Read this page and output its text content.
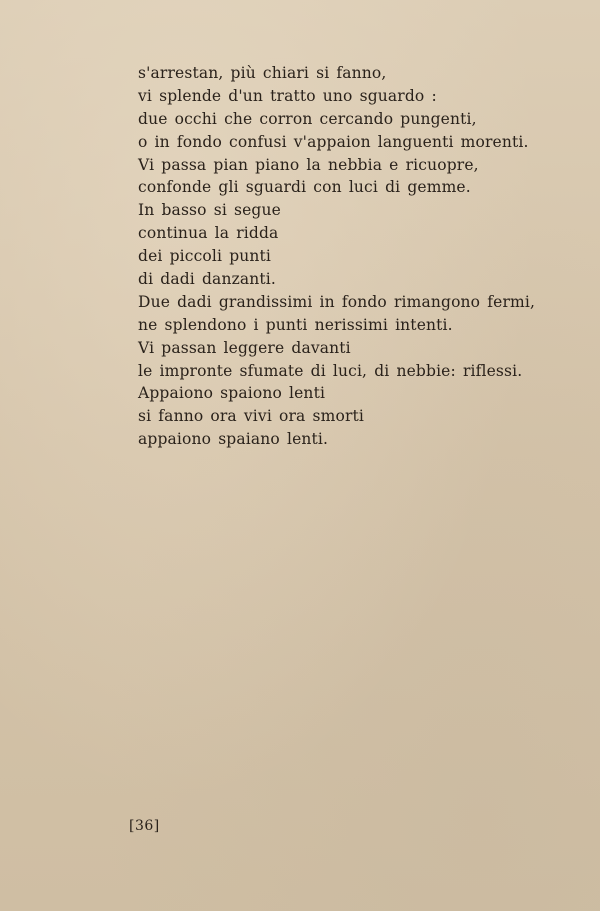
s'arrestan, più chiari si fanno,
vi splende d'un tratto uno sguardo :
due occhi che corron cercando pungenti,
o in fondo confusi v'appaion languenti morenti.
Vi passa pian piano la nebbia e ricuopre,
confonde gli sguardi con luci di gemme.
In basso si segue
continua la ridda
dei piccoli punti
di dadi danzanti.
Due dadi grandissimi in fondo rimangono fermi,
ne splendono i punti nerissimi intenti.
Vi passan leggere davanti
le impronte sfumate di luci, di nebbie: riflessi.
Appaiono spaiono lenti
si fanno ora vivi ora smorti
appaiono spaiano lenti.
[36]
